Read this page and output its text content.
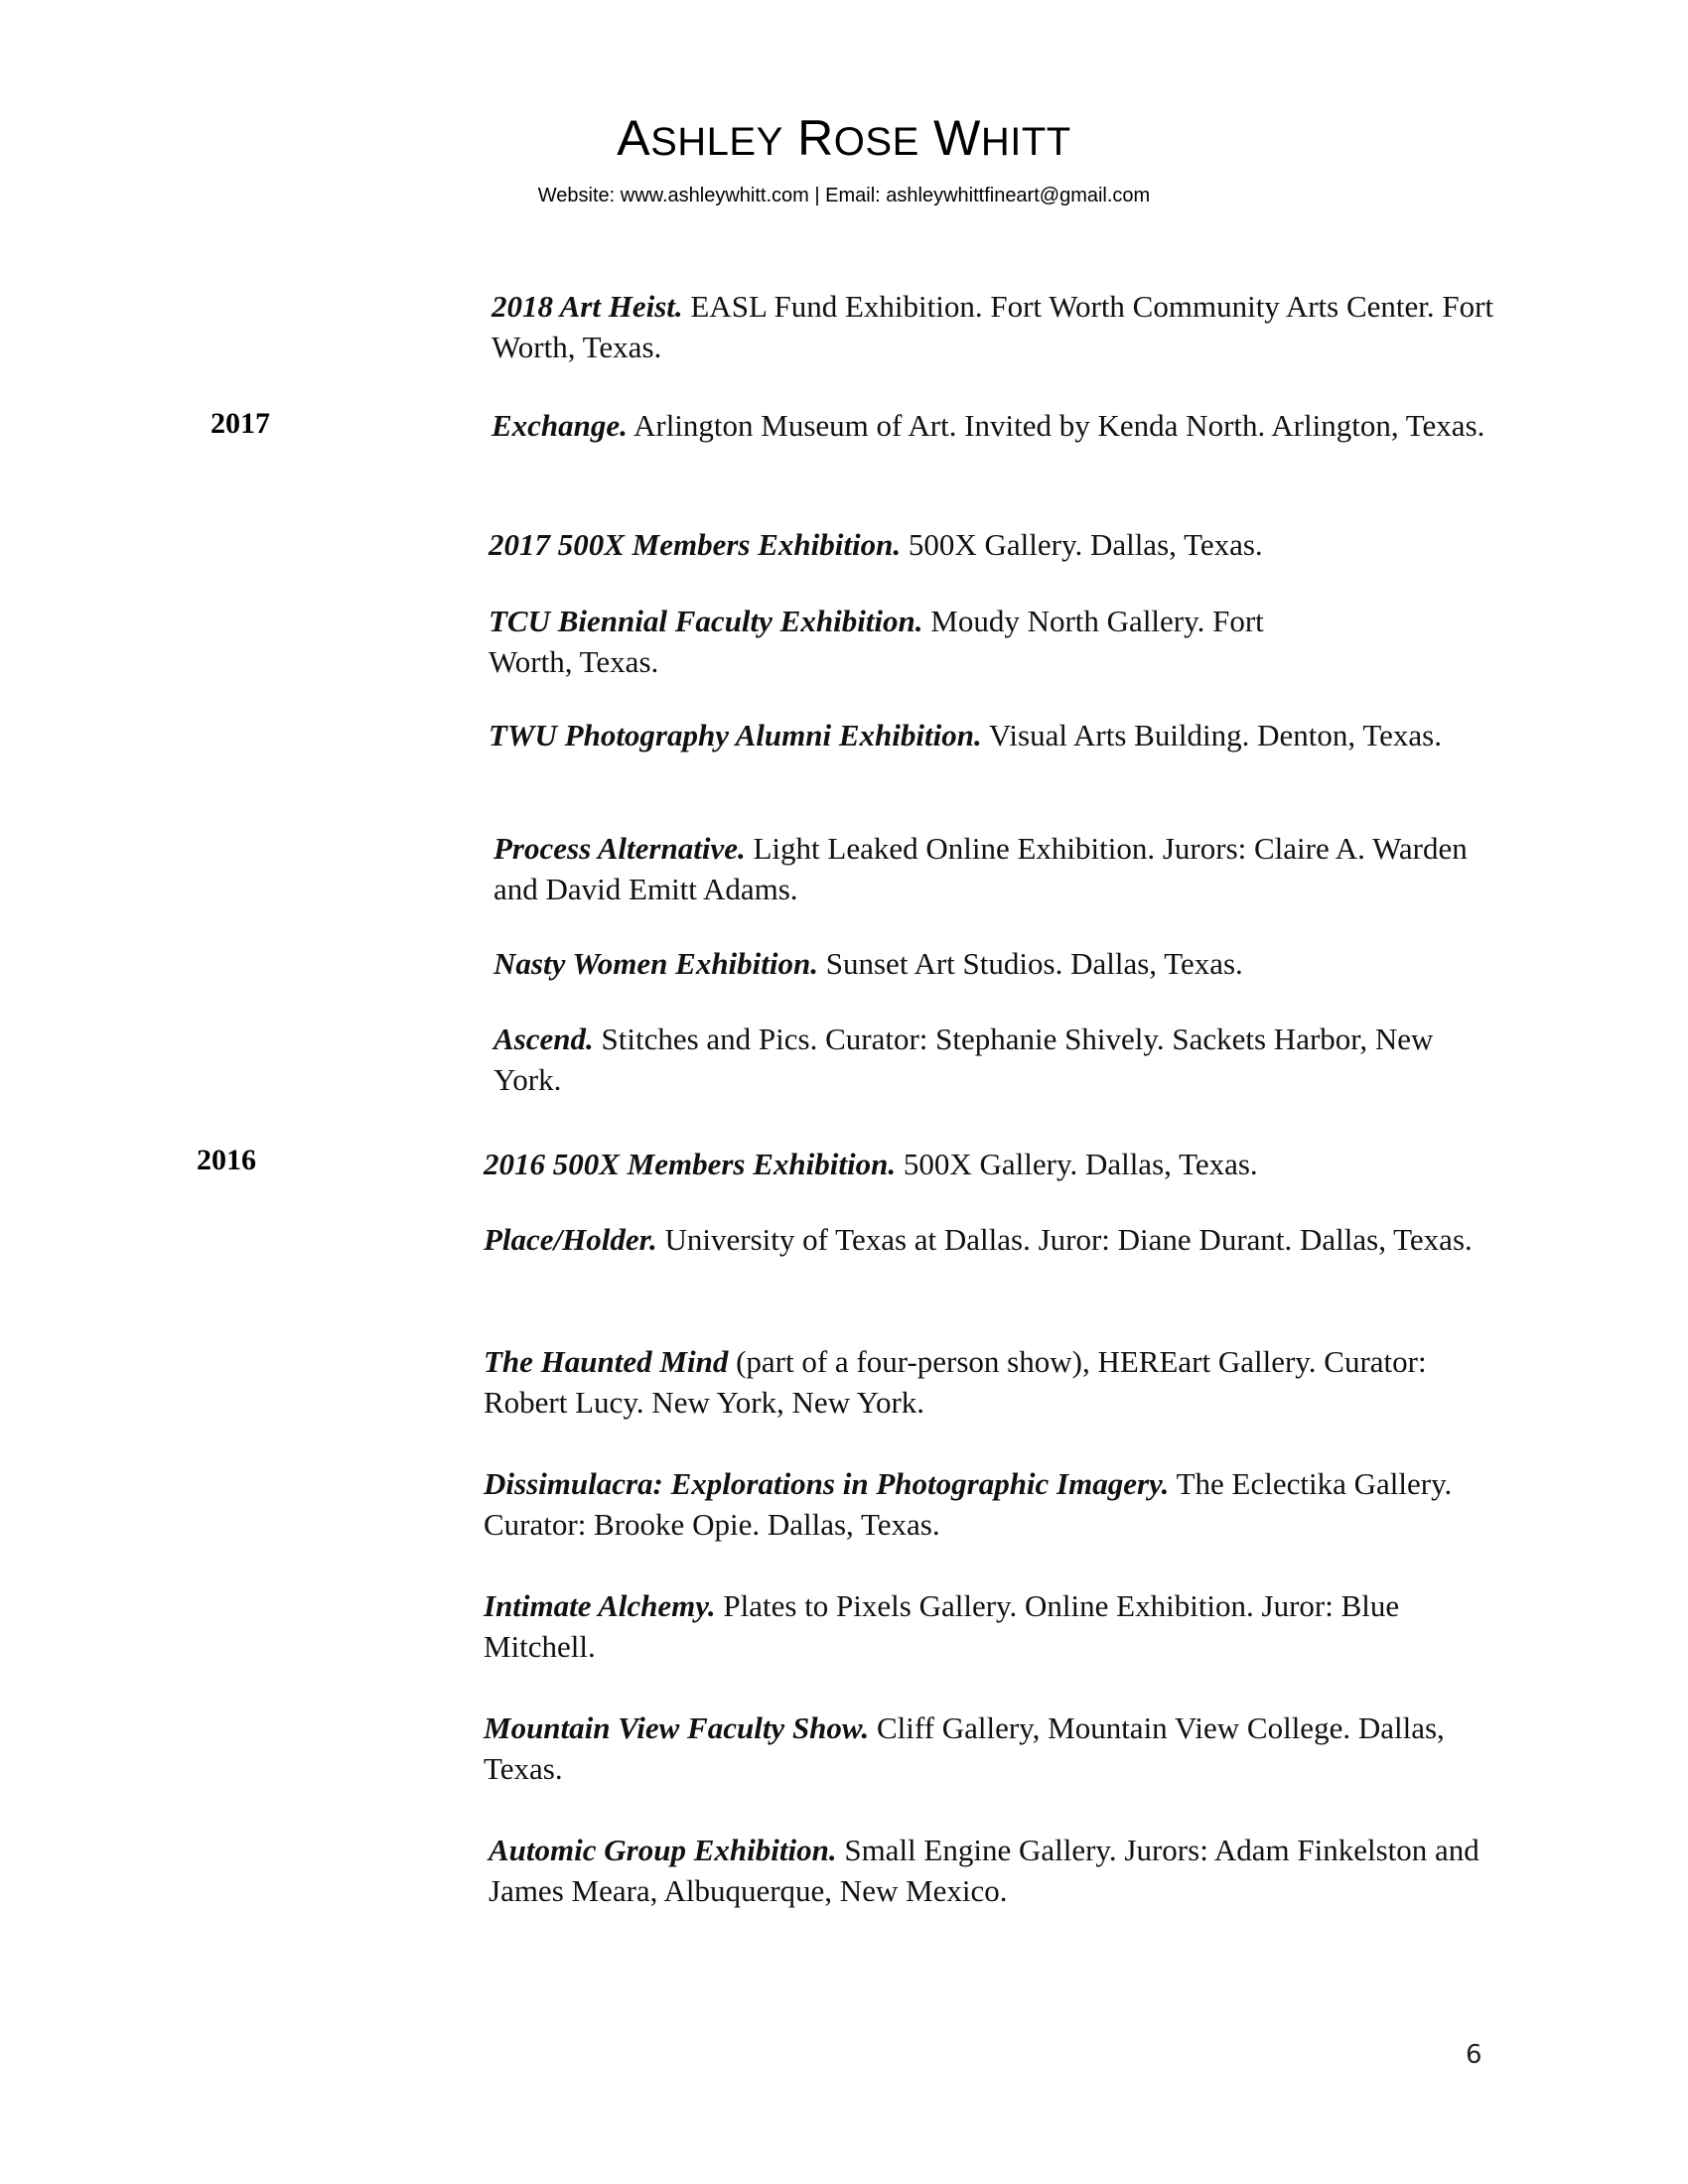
ASHLEY ROSE WHITT
Website: www.ashleywhitt.com | Email: ashleywhittfineart@gmail.com
2017
2016
2018 Art Heist. EASL Fund Exhibition. Fort Worth Community Arts Center. Fort Worth, Texas.
Exchange. Arlington Museum of Art. Invited by Kenda North. Arlington, Texas.
2017 500X Members Exhibition. 500X Gallery. Dallas, Texas.
TCU Biennial Faculty Exhibition. Moudy North Gallery. Fort Worth, Texas.
TWU Photography Alumni Exhibition. Visual Arts Building. Denton, Texas.
Process Alternative. Light Leaked Online Exhibition. Jurors: Claire A. Warden and David Emitt Adams.
Nasty Women Exhibition. Sunset Art Studios. Dallas, Texas.
Ascend. Stitches and Pics. Curator: Stephanie Shively. Sackets Harbor, New York.
2016 500X Members Exhibition. 500X Gallery. Dallas, Texas.
Place/Holder. University of Texas at Dallas. Juror: Diane Durant. Dallas, Texas.
The Haunted Mind (part of a four-person show), HEREart Gallery. Curator: Robert Lucy. New York, New York.
Dissimulacra: Explorations in Photographic Imagery. The Eclectika Gallery. Curator: Brooke Opie. Dallas, Texas.
Intimate Alchemy. Plates to Pixels Gallery. Online Exhibition. Juror: Blue Mitchell.
Mountain View Faculty Show. Cliff Gallery, Mountain View College. Dallas, Texas.
Automic Group Exhibition. Small Engine Gallery. Jurors: Adam Finkelston and James Meara, Albuquerque, New Mexico.
6
